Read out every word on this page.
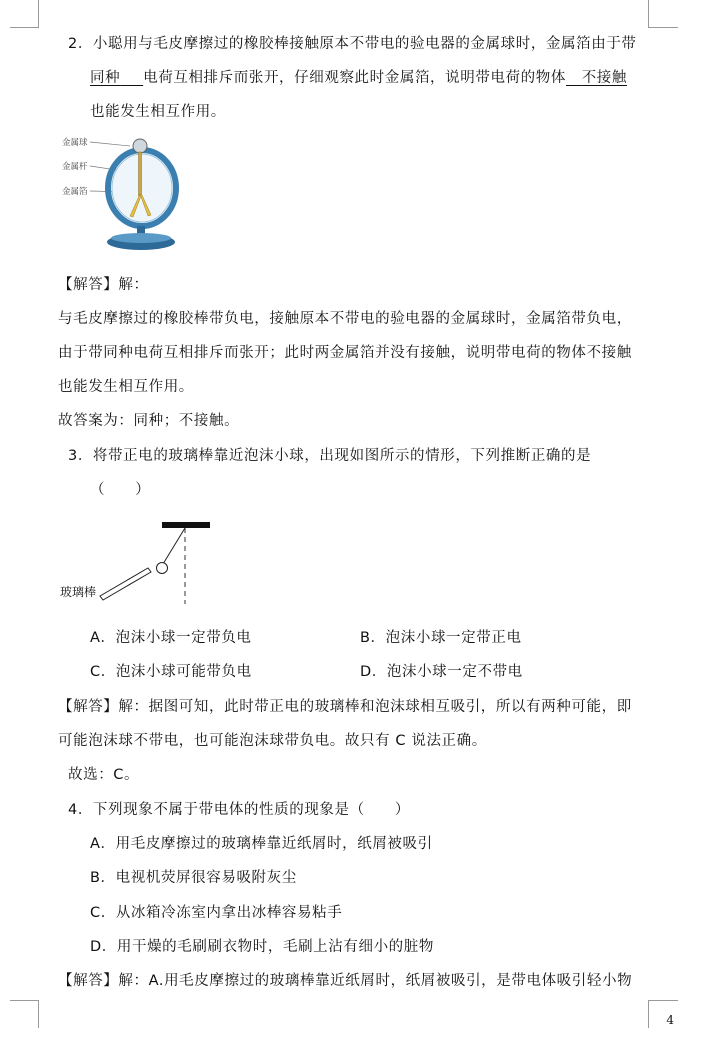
2．小聪用与毛皮摩擦过的橡胶棒接触原本不带电的验电器的金属球时，金属箔由于带
同种   电荷互相排斥而张开，仔细观察此时金属箔，说明带电荷的物体   不接触
也能发生相互作用。
金属球
金属杆
金属箔
【解答】解：
与毛皮摩擦过的橡胶棒带负电，接触原本不带电的验电器的金属球时，金属箔带负电，
由于带同种电荷互相排斥而张开；此时两金属箔并没有接触，说明带电荷的物体不接触
也能发生相互作用。
故答案为：同种；不接触。
3．将带正电的玻璃棒靠近泡沫小球，出现如图所示的情形，下列推断正确的是
（　　）
玻璃棒
A．泡沫小球一定带负电	B．泡沫小球一定带正电
C．泡沫小球可能带负电	D．泡沫小球一定不带电
【解答】解：据图可知，此时带正电的玻璃棒和泡沫球相互吸引，所以有两种可能，即
可能泡沫球不带电，也可能泡沫球带负电。故只有 C 说法正确。
故选：C。
4．下列现象不属于带电体的性质的现象是（　　）
A．用毛皮摩擦过的玻璃棒靠近纸屑时，纸屑被吸引
B．电视机荧屏很容易吸附灰尘
C．从冰箱冷冻室内拿出冰棒容易粘手
D．用干燥的毛刷刷衣物时，毛刷上沾有细小的脏物
【解答】解：A.用毛皮摩擦过的玻璃棒靠近纸屑时，纸屑被吸引，是带电体吸引轻小物
4
